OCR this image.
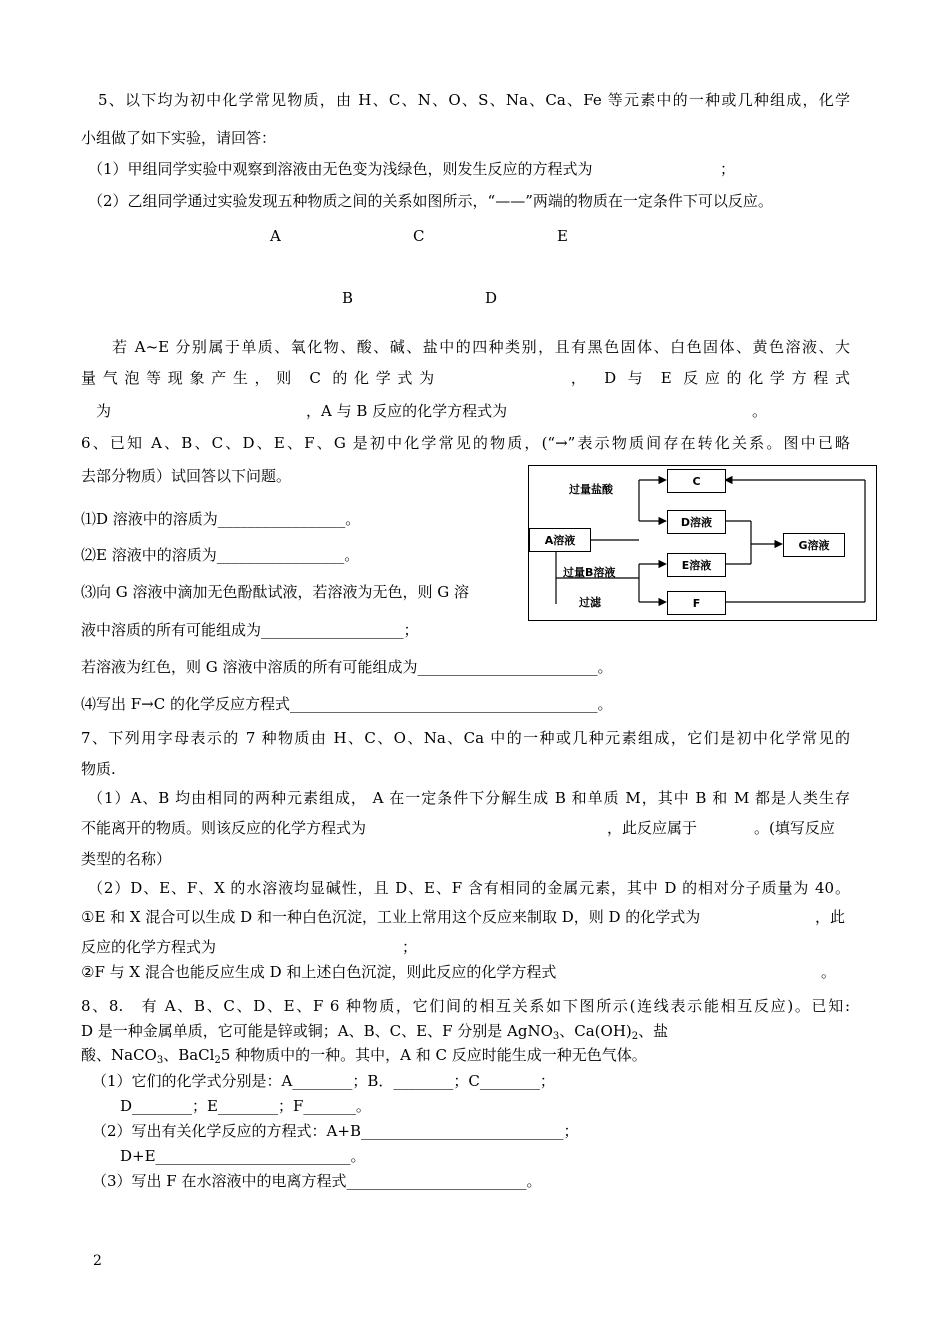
5、以下均为初中化学常见物质，由 H、C、N、O、S、Na、Ca、Fe 等元素中的一种或几种组成，化学
小组做了如下实验，请回答：
（1）甲组同学实验中观察到溶液由无色变为浅绿色，则发生反应的方程式为	；
（2）乙组同学通过实验发现五种物质之间的关系如图所示，“——”两端的物质在一定条件下可以反应。
A	C	E
B	D
若 A~E 分别属于单质、氧化物、酸、碱、盐中的四种类别，且有黑色固体、白色固体、黄色溶液、大
量气泡等现象产生，则 C 的化学式为　　　　　　， D 与 E 反应的化学方程式
为	，A 与 B 反应的化学方程式为	。
6、已知 A、B、C、D、E、F、G 是初中化学常见的物质，(“→”表示物质间存在转化关系。图中已略
去部分物质）试回答以下问题。
⑴D 溶液中的溶质为_________________。
⑵E 溶液中的溶质为_________________。
⑶向 G 溶液中滴加无色酚酞试液，若溶液为无色，则 G 溶
液中溶质的所有可能组成为___________________；
若溶液为红色，则 G 溶液中溶质的所有可能组成为________________________。
⑷写出 F→C 的化学反应方程式_________________________________________。
A溶液
C
D溶液
E溶液
F
G溶液
过量盐酸
过量B溶液
过滤
7、下列用字母表示的 7 种物质由 H、C、O、Na、Ca 中的一种或几种元素组成，它们是初中化学常见的
物质.
（1）A、B 均由相同的两种元素组成， A 在一定条件下分解生成 B 和单质 M，其中 B 和 M 都是人类生存
不能离开的物质。则该反应的化学方程式为	，此反应属于	。(填写反应
类型的名称）
（2）D、E、F、X 的水溶液均显碱性，且 D、E、F 含有相同的金属元素，其中 D 的相对分子质量为 40。
①E 和 X 混合可以生成 D 和一种白色沉淀，工业上常用这个反应来制取 D，则 D 的化学式为	，此
反应的化学方程式为	；
②F 与 X 混合也能反应生成 D 和上述白色沉淀，则此反应的化学方程式	。
8、8.　有 A、B、C、D、E、F 6 种物质，它们间的相互关系如下图所示(连线表示能相互反应)。已知:
D 是一种金属单质，它可能是锌或铜；A、B、C、E、F 分别是 AgNO$_3$、$Ca(OH)_2$、盐
酸、NaCO$_3$、BaCl$_2$5 种物质中的一种。其中，A 和 C 反应时能生成一种无色气体。
（1）它们的化学式分别是：A________；B．________；C________；
D________；E________；F_______。
（2）写出有关化学反应的方程式：A+B___________________________；
D+E__________________________。
（3）写出 F 在水溶液中的电离方程式________________________。
2
